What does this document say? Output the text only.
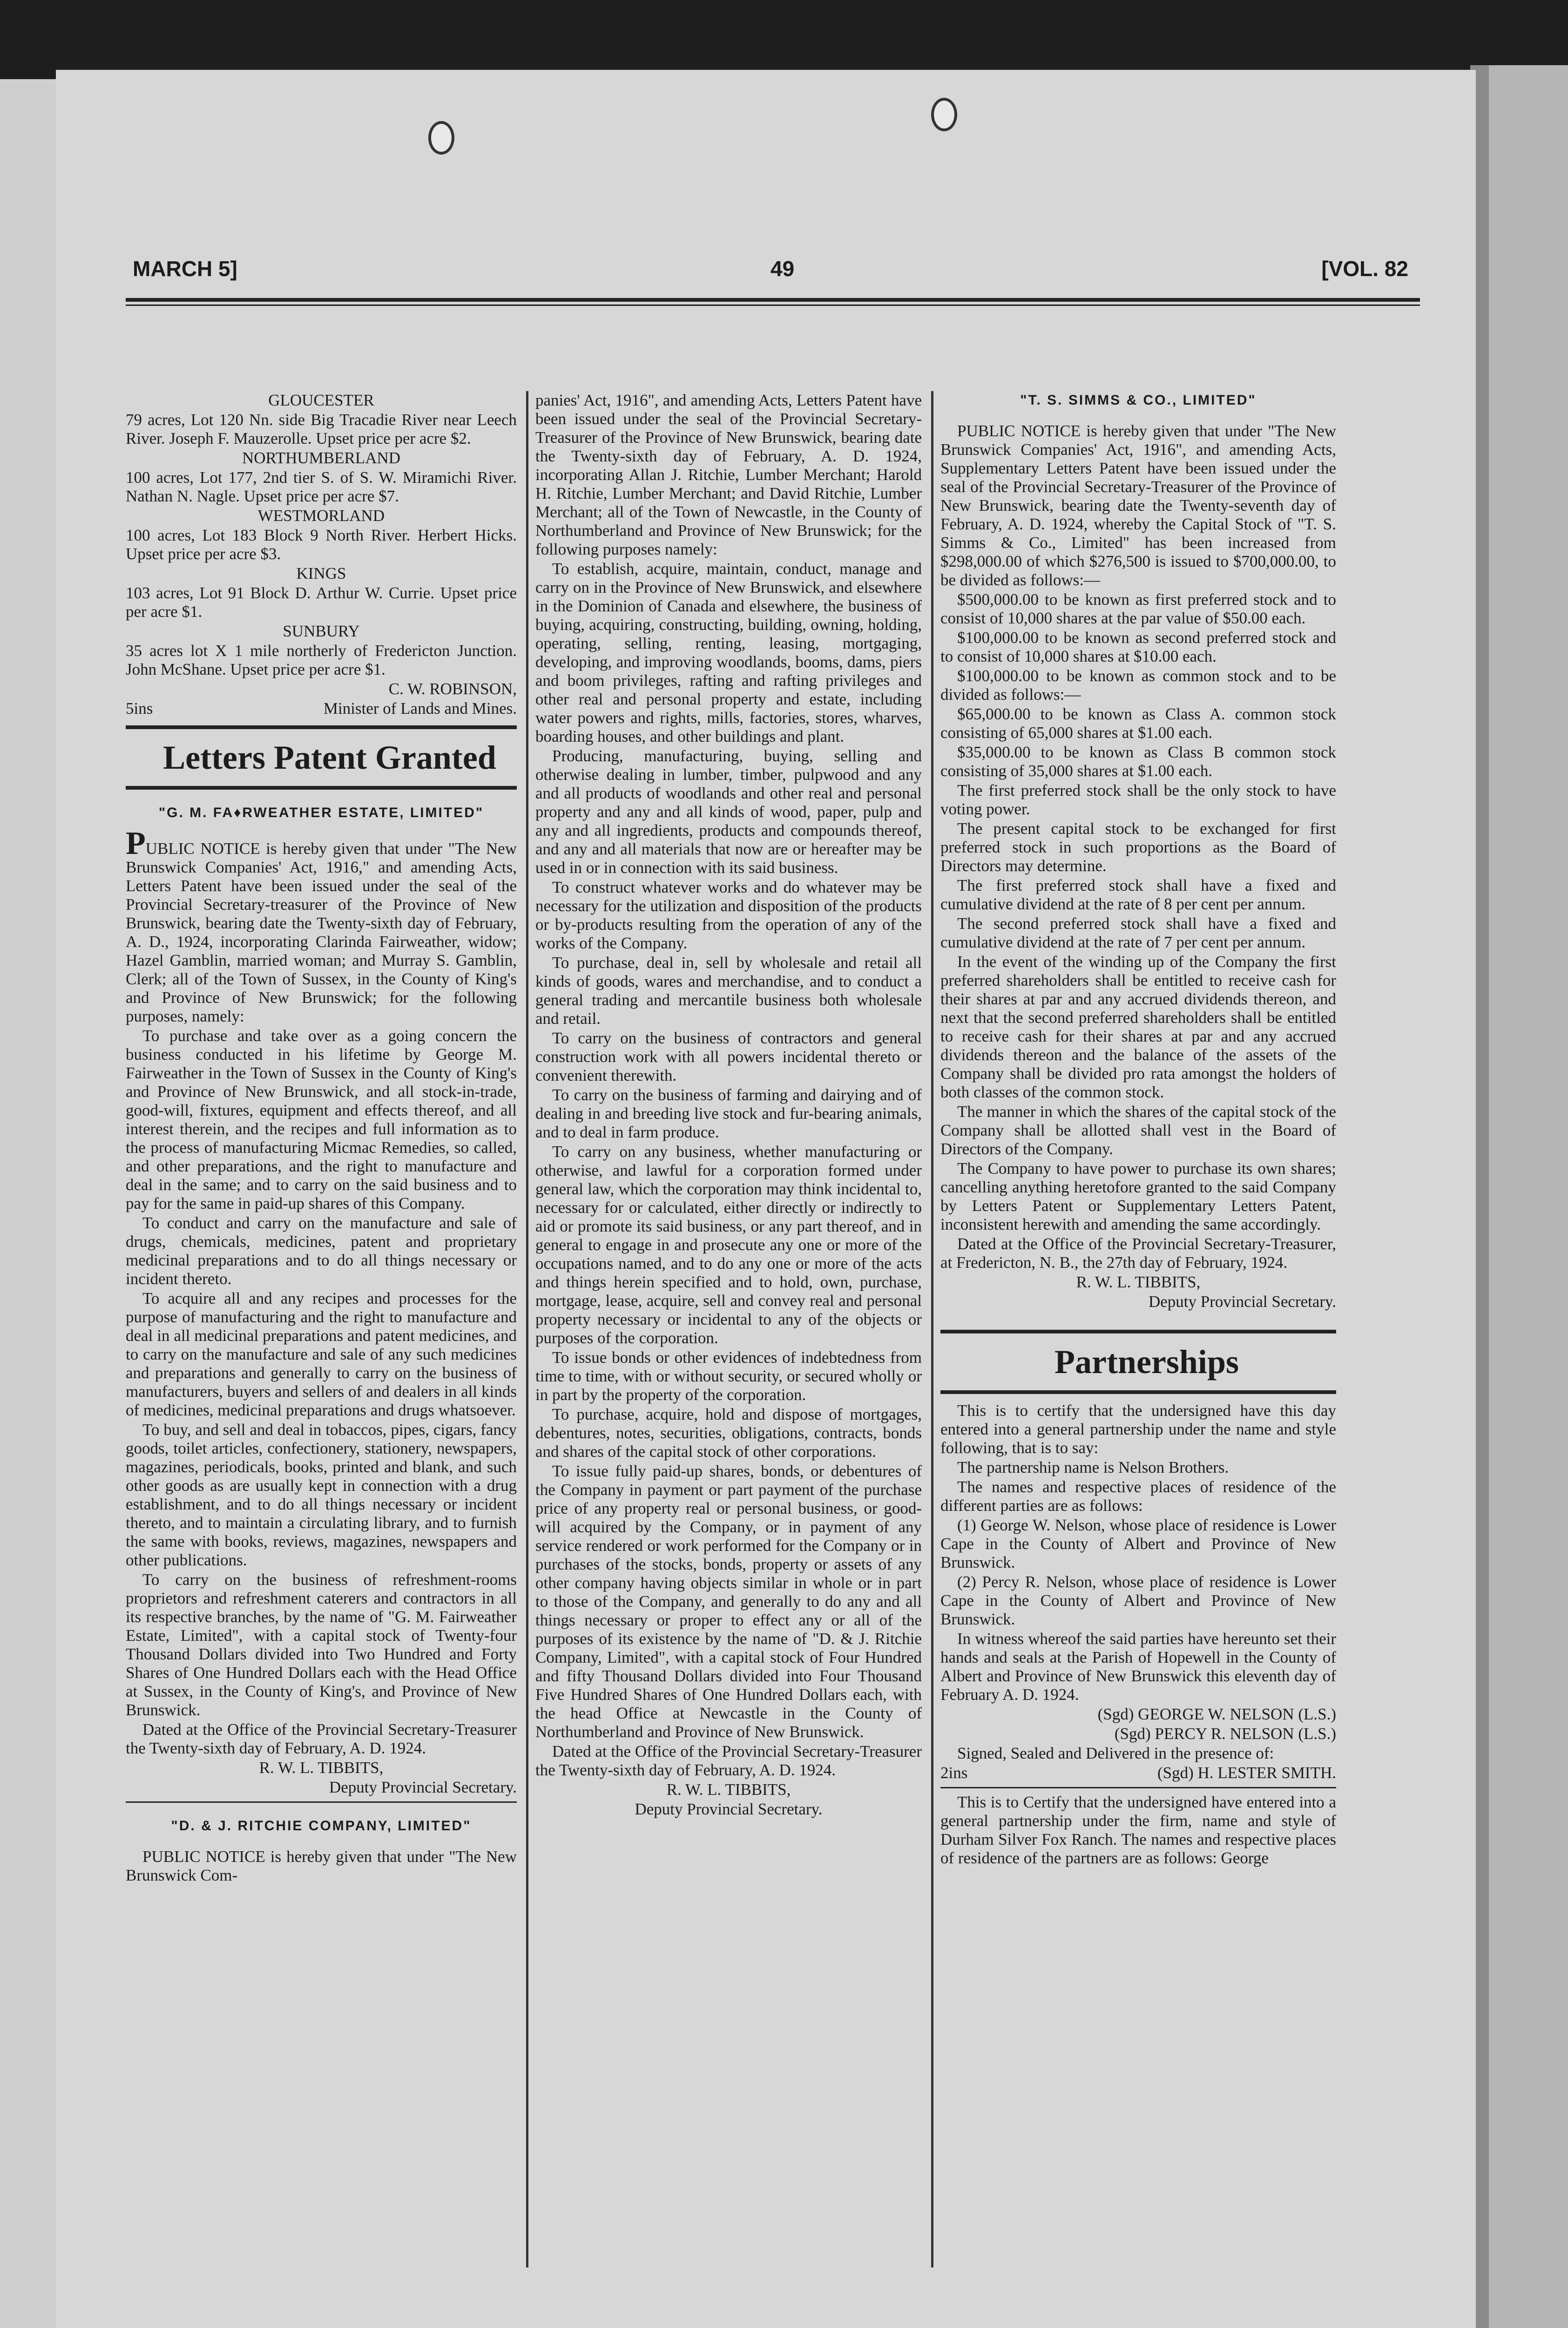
MARCH 5]	49	[VOL. 82

GLOUCESTER

79 acres, Lot 120 Nn. side Big Tracadie River near Leech River. Joseph F. Mauzerolle. Upset price per acre $2.

NORTHUMBERLAND

100 acres, Lot 177, 2nd tier S. of S. W. Miramichi River. Nathan N. Nagle. Upset price per acre $7.

WESTMORLAND

100 acres, Lot 183 Block 9 North River. Herbert Hicks. Upset price per acre $3.

KINGS

103 acres, Lot 91 Block D. Arthur W. Currie. Upset price per acre $1.

SUNBURY

35 acres lot X 1 mile northerly of Fredericton Junction. John McShane. Upset price per acre $1.

C. W. ROBINSON,

5ins	Minister of Lands and Mines.

Letters Patent Granted

"G. M. FA♦RWEATHER ESTATE, LIMITED"

PUBLIC NOTICE is hereby given that under "The New Brunswick Companies' Act, 1916," and amending Acts, Letters Patent have been issued under the seal of the Provincial Secretary-treasurer of the Province of New Brunswick, bearing date the Twenty-sixth day of February, A. D., 1924, incorporating Clarinda Fairweather, widow; Hazel Gamblin, married woman; and Murray S. Gamblin, Clerk; all of the Town of Sussex, in the County of King's and Province of New Brunswick; for the following purposes, namely:

To purchase and take over as a going concern the business conducted in his lifetime by George M. Fairweather in the Town of Sussex in the County of King's and Province of New Brunswick, and all stock-in-trade, good-will, fixtures, equipment and effects thereof, and all interest therein, and the recipes and full information as to the process of manufacturing Micmac Remedies, so called, and other preparations, and the right to manufacture and deal in the same; and to carry on the said business and to pay for the same in paid-up shares of this Company.

To conduct and carry on the manufacture and sale of drugs, chemicals, medicines, patent and proprietary medicinal preparations and to do all things necessary or incident thereto.

To acquire all and any recipes and processes for the purpose of manufacturing and the right to manufacture and deal in all medicinal preparations and patent medicines, and to carry on the manufacture and sale of any such medicines and preparations and generally to carry on the business of manufacturers, buyers and sellers of and dealers in all kinds of medicines, medicinal preparations and drugs whatsoever.

To buy, and sell and deal in tobaccos, pipes, cigars, fancy goods, toilet articles, confectionery, stationery, newspapers, magazines, periodicals, books, printed and blank, and such other goods as are usually kept in connection with a drug establishment, and to do all things necessary or incident thereto, and to maintain a circulating library, and to furnish the same with books, reviews, magazines, newspapers and other publications.

To carry on the business of refreshment-rooms proprietors and refreshment caterers and contractors in all its respective branches, by the name of "G. M. Fairweather Estate, Limited", with a capital stock of Twenty-four Thousand Dollars divided into Two Hundred and Forty Shares of One Hundred Dollars each with the Head Office at Sussex, in the County of King's, and Province of New Brunswick.

Dated at the Office of the Provincial Secretary-Treasurer the Twenty-sixth day of February, A. D. 1924.

R. W. L. TIBBITS,

Deputy Provincial Secretary.

"D. & J. RITCHIE COMPANY, LIMITED"

PUBLIC NOTICE is hereby given that under "The New Brunswick Com-

panies' Act, 1916", and amending Acts, Letters Patent have been issued under the seal of the Provincial Secretary-Treasurer of the Province of New Brunswick, bearing date the Twenty-sixth day of February, A. D. 1924, incorporating Allan J. Ritchie, Lumber Merchant; Harold H. Ritchie, Lumber Merchant; and David Ritchie, Lumber Merchant; all of the Town of Newcastle, in the County of Northumberland and Province of New Brunswick; for the following purposes namely:

To establish, acquire, maintain, conduct, manage and carry on in the Province of New Brunswick, and elsewhere in the Dominion of Canada and elsewhere, the business of buying, acquiring, constructing, building, owning, holding, operating, selling, renting, leasing, mortgaging, developing, and improving woodlands, booms, dams, piers and boom privileges, rafting and rafting privileges and other real and personal property and estate, including water powers and rights, mills, factories, stores, wharves, boarding houses, and other buildings and plant.

Producing, manufacturing, buying, selling and otherwise dealing in lumber, timber, pulpwood and any and all products of woodlands and other real and personal property and any and all kinds of wood, paper, pulp and any and all ingredients, products and compounds thereof, and any and all materials that now are or hereafter may be used in or in connection with its said business.

To construct whatever works and do whatever may be necessary for the utilization and disposition of the products or by-products resulting from the operation of any of the works of the Company.

To purchase, deal in, sell by wholesale and retail all kinds of goods, wares and merchandise, and to conduct a general trading and mercantile business both wholesale and retail.

To carry on the business of contractors and general construction work with all powers incidental thereto or convenient therewith.

To carry on the business of farming and dairying and of dealing in and breeding live stock and fur-bearing animals, and to deal in farm produce.

To carry on any business, whether manufacturing or otherwise, and lawful for a corporation formed under general law, which the corporation may think incidental to, necessary for or calculated, either directly or indirectly to aid or promote its said business, or any part thereof, and in general to engage in and prosecute any one or more of the occupations named, and to do any one or more of the acts and things herein specified and to hold, own, purchase, mortgage, lease, acquire, sell and convey real and personal property necessary or incidental to any of the objects or purposes of the corporation.

To issue bonds or other evidences of indebtedness from time to time, with or without security, or secured wholly or in part by the property of the corporation.

To purchase, acquire, hold and dispose of mortgages, debentures, notes, securities, obligations, contracts, bonds and shares of the capital stock of other corporations.

To issue fully paid-up shares, bonds, or debentures of the Company in payment or part payment of the purchase price of any property real or personal business, or good-will acquired by the Company, or in payment of any service rendered or work performed for the Company or in purchases of the stocks, bonds, property or assets of any other company having objects similar in whole or in part to those of the Company, and generally to do any and all things necessary or proper to effect any or all of the purposes of its existence by the name of "D. & J. Ritchie Company, Limited", with a capital stock of Four Hundred and fifty Thousand Dollars divided into Four Thousand Five Hundred Shares of One Hundred Dollars each, with the head Office at Newcastle in the County of Northumberland and Province of New Brunswick.

Dated at the Office of the Provincial Secretary-Treasurer the Twenty-sixth day of February, A. D. 1924.

R. W. L. TIBBITS,

Deputy Provincial Secretary.

"T. S. SIMMS & CO., LIMITED"

PUBLIC NOTICE is hereby given that under "The New Brunswick Companies' Act, 1916", and amending Acts, Supplementary Letters Patent have been issued under the seal of the Provincial Secretary-Treasurer of the Province of New Brunswick, bearing date the Twenty-seventh day of February, A. D. 1924, whereby the Capital Stock of "T. S. Simms & Co., Limited" has been increased from $298,000.00 of which $276,500 is issued to $700,000.00, to be divided as follows:—

$500,000.00 to be known as first preferred stock and to consist of 10,000 shares at the par value of $50.00 each.

$100,000.00 to be known as second preferred stock and to consist of 10,000 shares at $10.00 each.

$100,000.00 to be known as common stock and to be divided as follows:—

$65,000.00 to be known as Class A. common stock consisting of 65,000 shares at $1.00 each.

$35,000.00 to be known as Class B common stock consisting of 35,000 shares at $1.00 each.

The first preferred stock shall be the only stock to have voting power.

The present capital stock to be exchanged for first preferred stock in such proportions as the Board of Directors may determine.

The first preferred stock shall have a fixed and cumulative dividend at the rate of 8 per cent per annum.

The second preferred stock shall have a fixed and cumulative dividend at the rate of 7 per cent per annum.

In the event of the winding up of the Company the first preferred shareholders shall be entitled to receive cash for their shares at par and any accrued dividends thereon, and next that the second preferred shareholders shall be entitled to receive cash for their shares at par and any accrued dividends thereon and the balance of the assets of the Company shall be divided pro rata amongst the holders of both classes of the common stock.

The manner in which the shares of the capital stock of the Company shall be allotted shall vest in the Board of Directors of the Company.

The Company to have power to purchase its own shares; cancelling anything heretofore granted to the said Company by Letters Patent or Supplementary Letters Patent, inconsistent herewith and amending the same accordingly.

Dated at the Office of the Provincial Secretary-Treasurer, at Fredericton, N. B., the 27th day of February, 1924.

R. W. L. TIBBITS,

Deputy Provincial Secretary.

Partnerships

This is to certify that the undersigned have this day entered into a general partnership under the name and style following, that is to say:

The partnership name is Nelson Brothers.

The names and respective places of residence of the different parties are as follows:

(1) George W. Nelson, whose place of residence is Lower Cape in the County of Albert and Province of New Brunswick.

(2) Percy R. Nelson, whose place of residence is Lower Cape in the County of Albert and Province of New Brunswick.

In witness whereof the said parties have hereunto set their hands and seals at the Parish of Hopewell in the County of Albert and Province of New Brunswick this eleventh day of February A. D. 1924.

(Sgd) GEORGE W. NELSON (L.S.)

(Sgd) PERCY R. NELSON (L.S.)

Signed, Sealed and Delivered in the presence of:

2ins	(Sgd) H. LESTER SMITH.

This is to Certify that the undersigned have entered into a general partnership under the firm, name and style of Durham Silver Fox Ranch. The names and respective places of residence of the partners are as follows: George
